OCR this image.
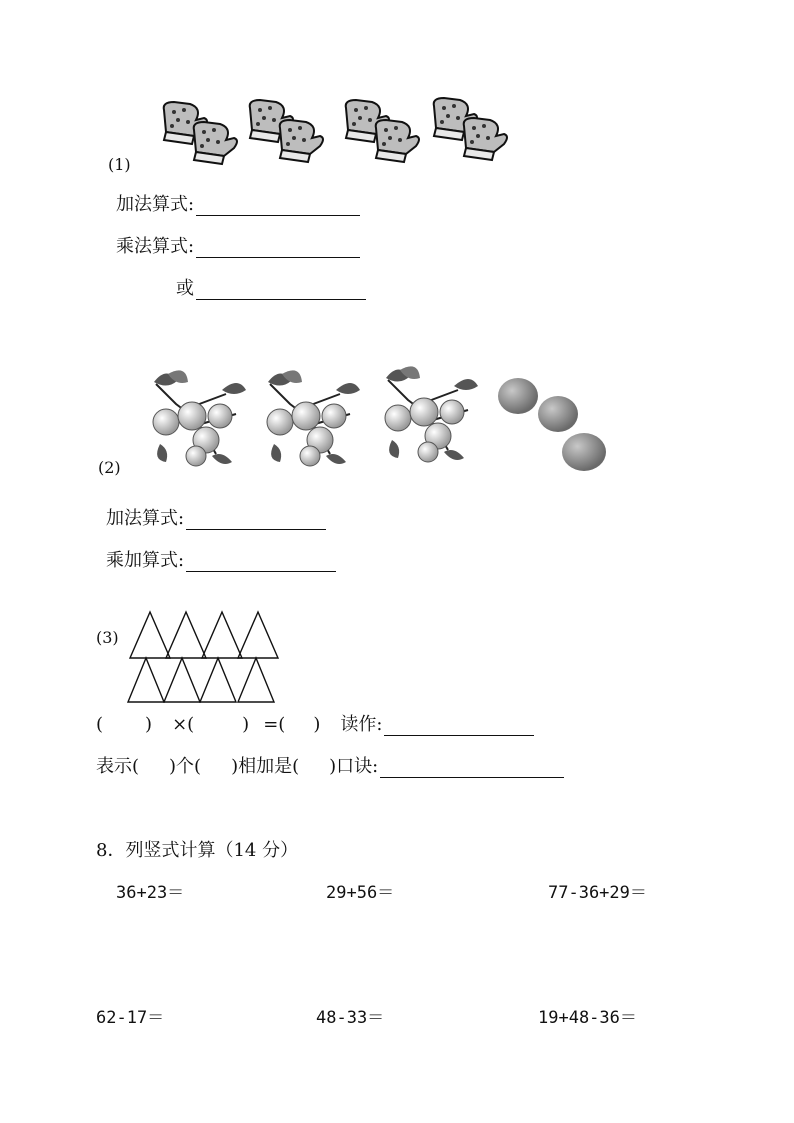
(1)
加法算式:
乘法算式:
或
(2)
加法算式:
乘加算式:
(3)
( ) ×(	) =( ) 读作:
表示( )个( )相加是( )口诀:
8．列竖式计算（14 分）
36+23＝	29+56＝	77-36+29＝
62-17＝	48-33＝	19+48-36＝
